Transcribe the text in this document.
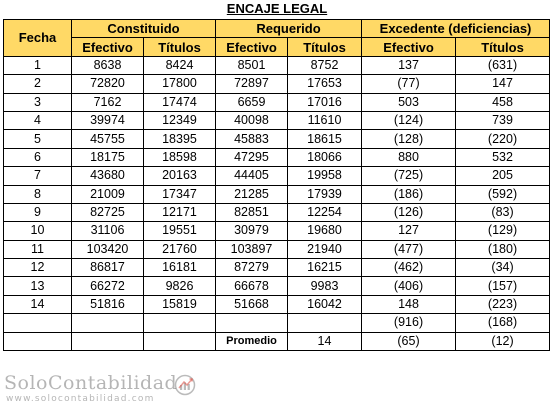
ENCAJE LEGAL
Fecha	Constituido		Requerido		Excedente (deficiencias)	
	Efectivo	Títulos	Efectivo	Títulos	Efectivo	Títulos
1	8638	8424	8501	8752	137	(631)
2	72820	17800	72897	17653	(77)	147
3	7162	17474	6659	17016	503	458
4	39974	12349	40098	11610	(124)	739
5	45755	18395	45883	18615	(128)	(220)
6	18175	18598	47295	18066	880	532
7	43680	20163	44405	19958	(725)	205
8	21009	17347	21285	17939	(186)	(592)
9	82725	12171	82851	12254	(126)	(83)
10	31106	19551	30979	19680	127	(129)
11	103420	21760	103897	21940	(477)	(180)
12	86817	16181	87279	16215	(462)	(34)
13	66272	9826	66678	9983	(406)	(157)
14	51816	15819	51668	16042	148	(223)
					(916)	(168)
			Promedio	14	(65)	(12)
SoloContabilidad
www.solocontabilidad.com
